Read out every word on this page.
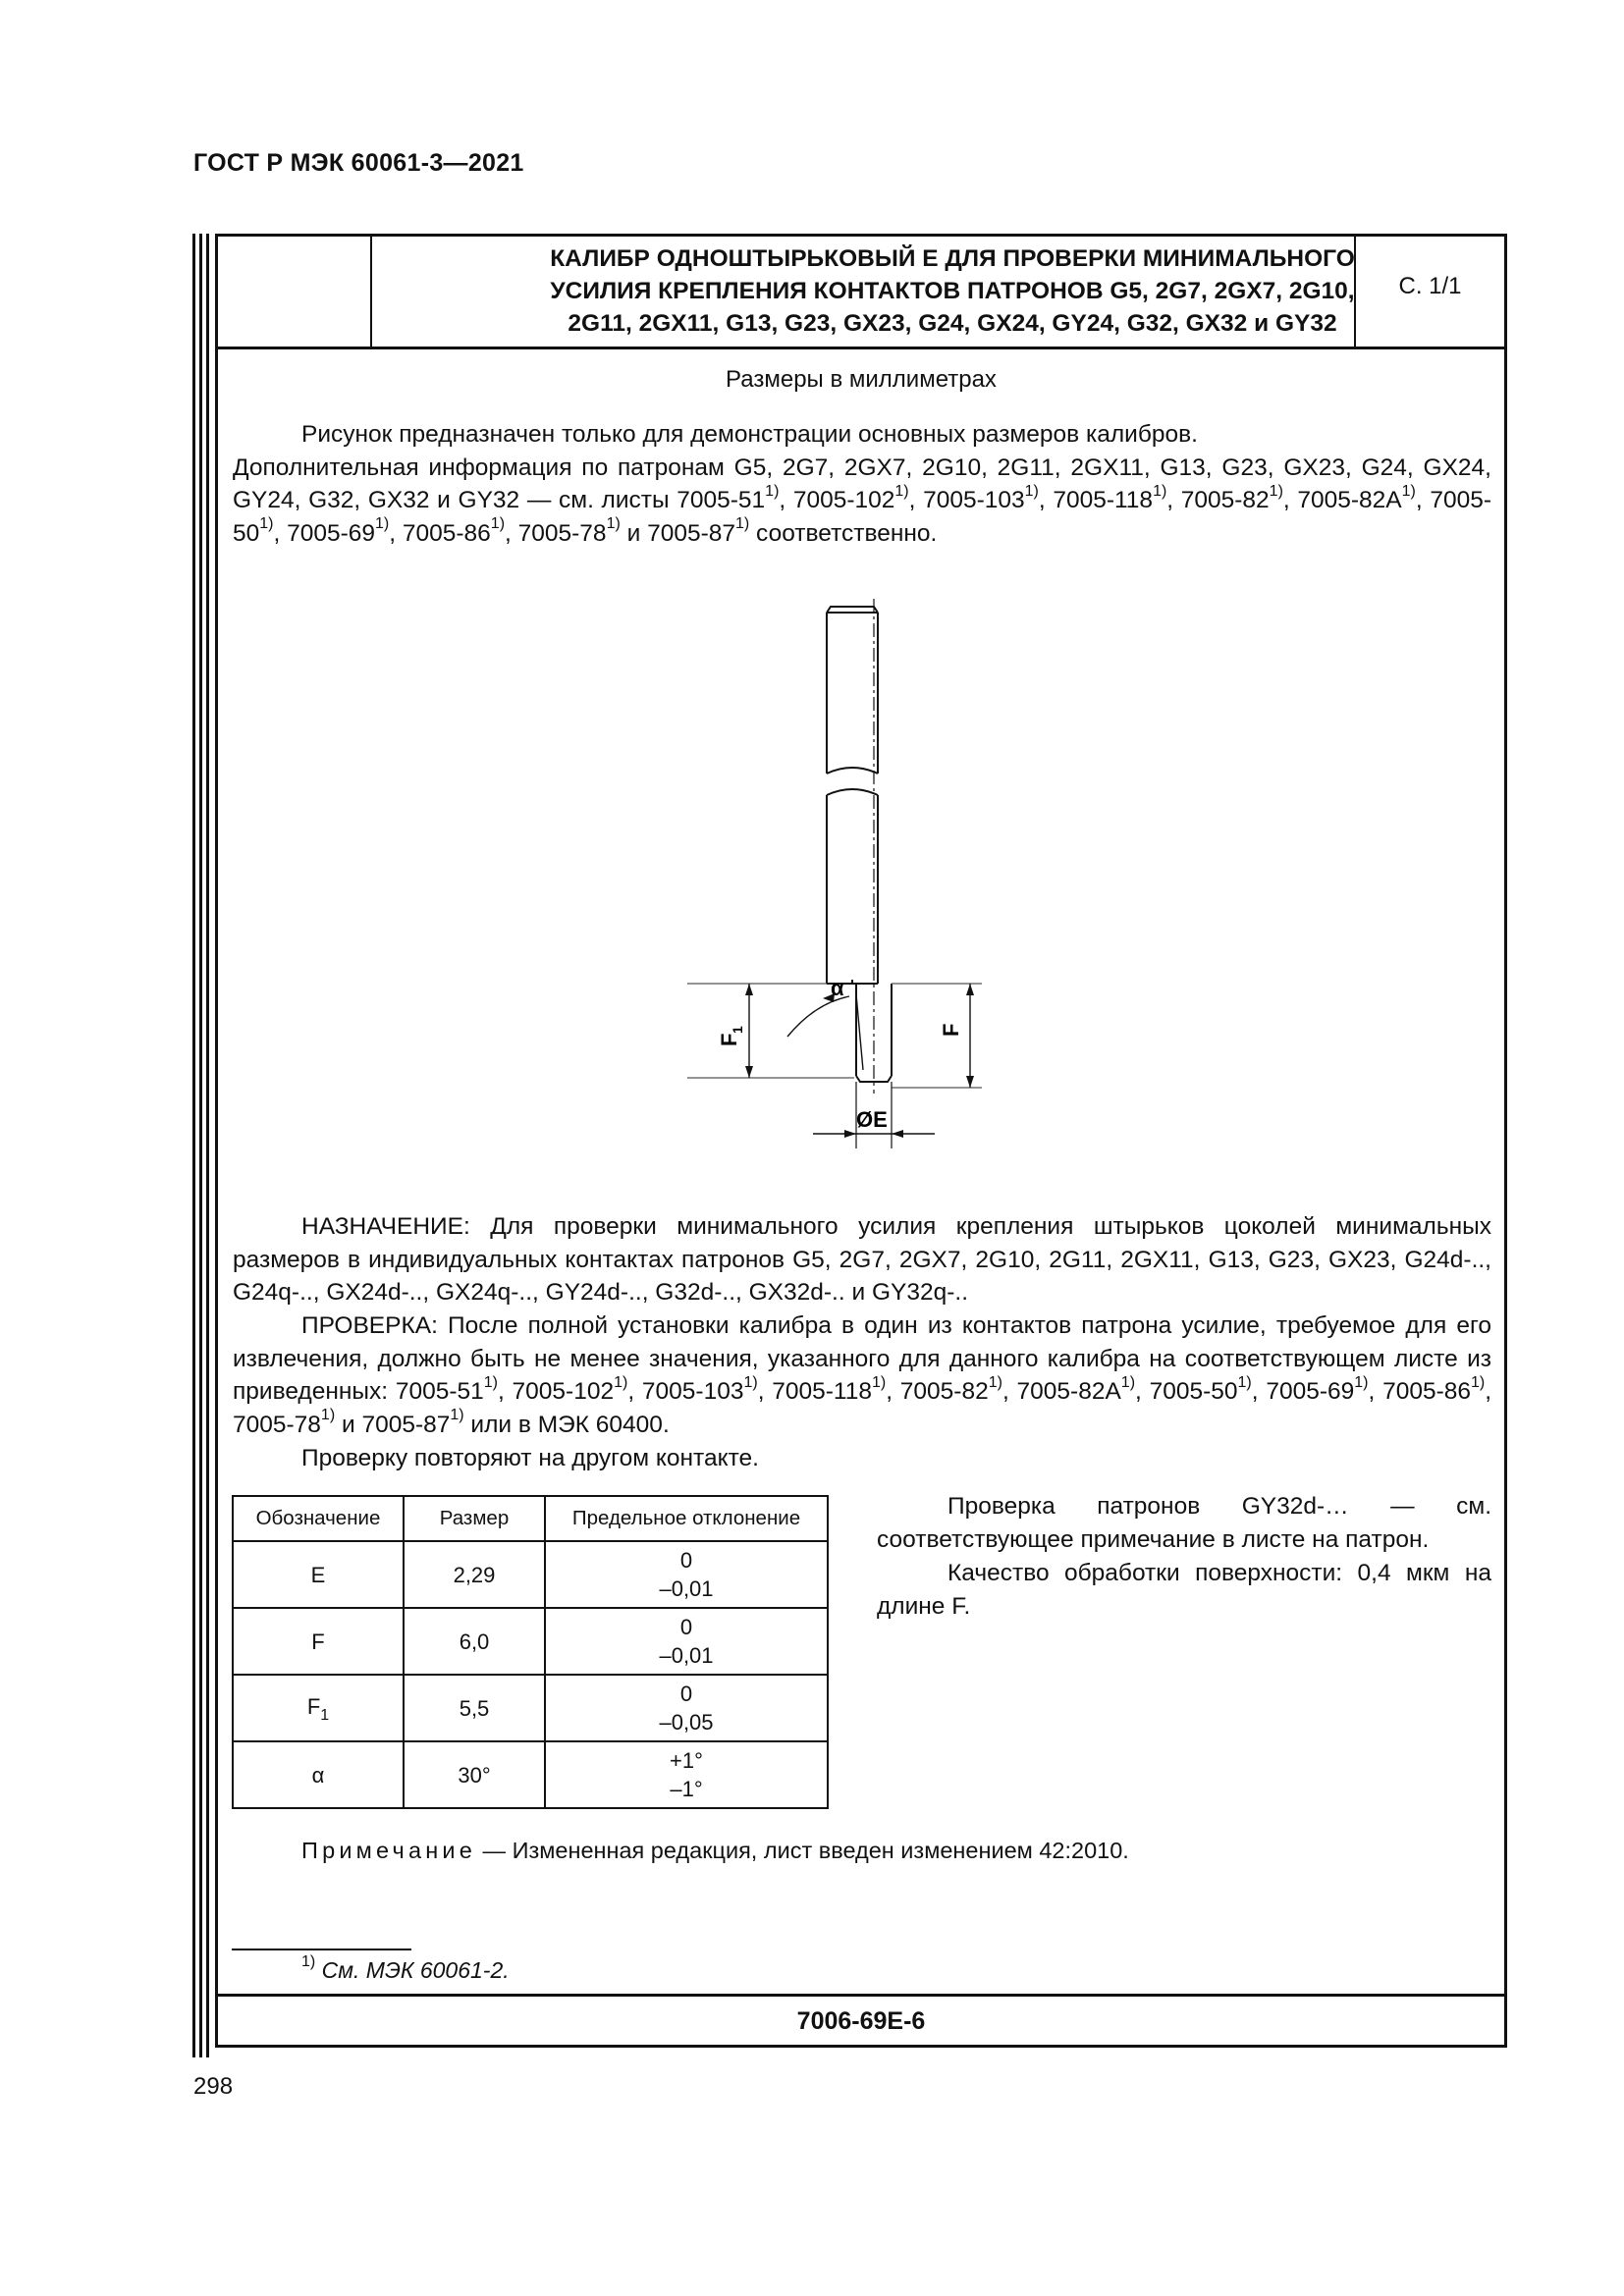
ГОСТ Р МЭК 60061-3—2021
КАЛИБР ОДНОШТЫРЬКОВЫЙ Е ДЛЯ ПРОВЕРКИ МИНИМАЛЬНОГО
УСИЛИЯ КРЕПЛЕНИЯ КОНТАКТОВ ПАТРОНОВ G5, 2G7, 2GX7, 2G10,
2G11, 2GX11, G13, G23, GX23, G24, GX24, GY24, G32, GX32 и GY32
С. 1/1
Размеры в миллиметрах
Рисунок предназначен только для демонстрации основных размеров калибров.
Дополнительная информация по патронам G5, 2G7, 2GX7, 2G10, 2G11, 2GX11, G13, G23, GX23, G24, GX24, GY24, G32, GX32 и GY32 — см. листы 7005-51$^{1)}$, 7005-102$^{1)}$, 7005-103$^{1)}$, 7005-118$^{1)}$, 7005-82$^{1)}$, $7005-82А^{1)}$, 7005-50$^{1)}$, 7005-69$^{1)}$, 7005-86$^{1)}$, 7005-78$^{1)}$ и 7005-87$^{1)}$ соответственно.
α
F
1	F
ØE
НАЗНАЧЕНИЕ: Для проверки минимального усилия крепления штырьков цоколей минимальных размеров в индивидуальных контактах патронов G5, 2G7, 2GX7, 2G10, 2G11, 2GX11, G13, G23, GX23, G24d-.., G24q-.., GX24d-.., GX24q-.., GY24d-.., G32d-.., GX32d-.. и GY32q-..
ПРОВЕРКА: После полной установки калибра в один из контактов патрона усилие, требуемое для его извлечения, должно быть не менее значения, указанного для данного калибра на соответствующем листе из приведенных: 7005-51$^{1)}$, 7005-102$^{1)}$, 7005-103$^{1)}$, 7005-118$^{1)}$, 7005-82$^{1)}$, $7005-82А^{1)}$, 7005-50$^{1)}$, 7005-69$^{1)}$, 7005-86$^{1)}$, 7005-78$^{1)}$ и 7005-87$^{1)}$ или в МЭК 60400.
Проверку повторяют на другом контакте.
Обозначение	Размер	Предельное отклонение
E	2,29	0
–0,01

F	6,0	0
–0,01

$F_1$	5,5	0
–0,05

α	30°	+1°
–1°
Проверка патронов GY32d-… — см. соответствующее примечание в листе на патрон.
Качество обработки поверхности: 0,4 мкм на длине F.
Примечание — Измененная редакция, лист введен изменением 42:2010.
$^{1)}$ См. МЭК 60061-2.
7006-69E-6
298
